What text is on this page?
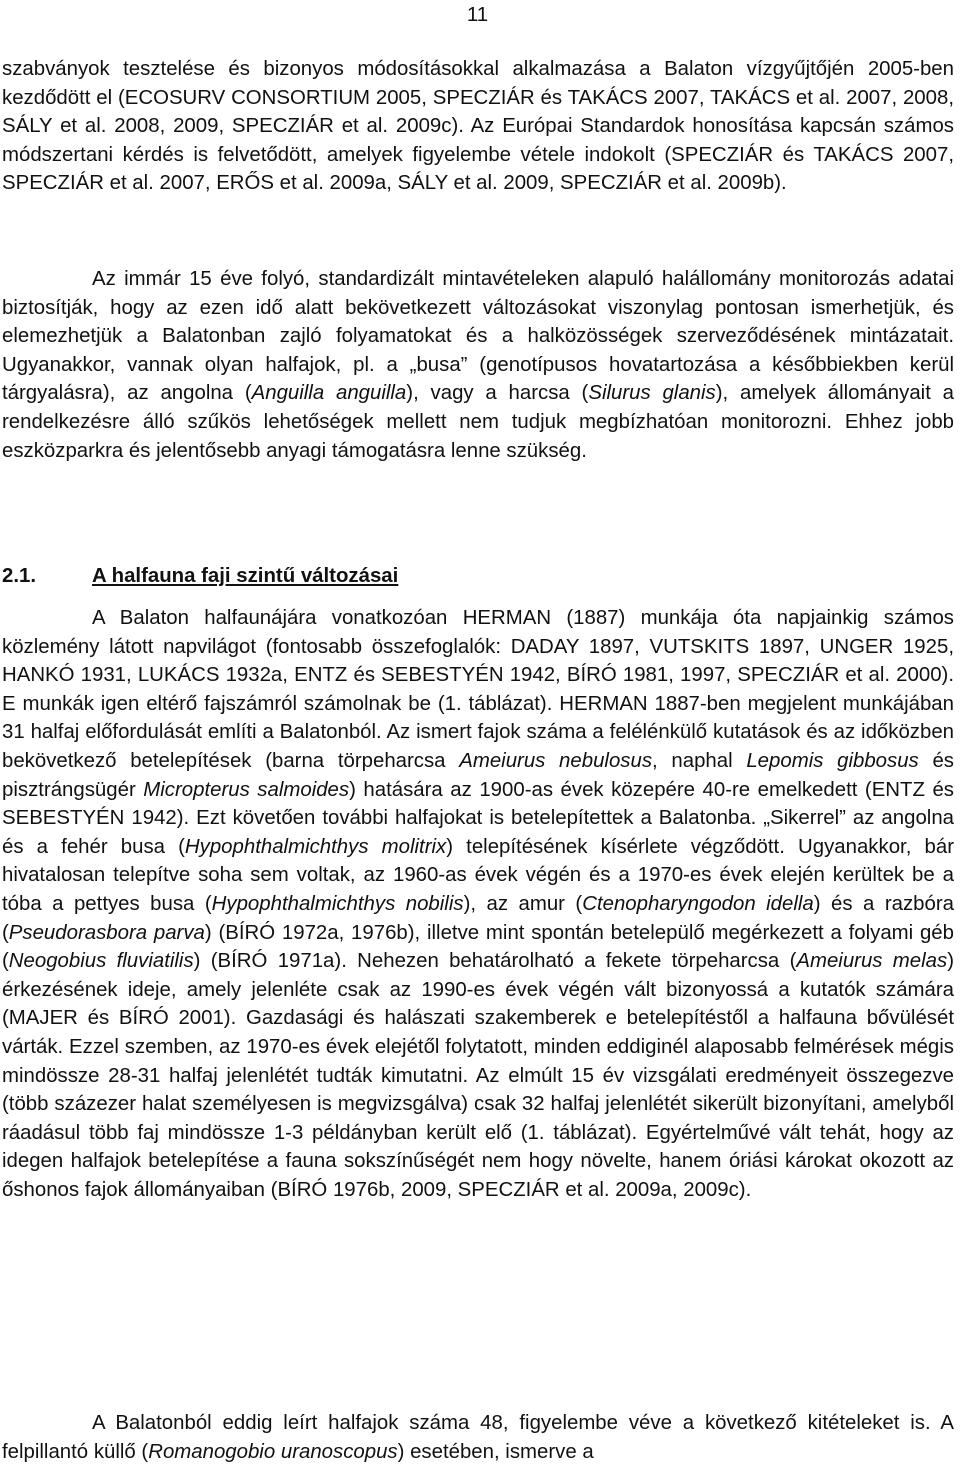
11

szabványok tesztelése és bizonyos módosításokkal alkalmazása a Balaton vízgyűjtőjén 2005-ben kezdődött el (ECOSURV CONSORTIUM 2005, SPECZIÁR és TAKÁCS 2007, TAKÁCS et al. 2007, 2008, SÁLY et al. 2008, 2009, SPECZIÁR et al. 2009c). Az Európai Standardok honosítása kapcsán számos módszertani kérdés is felvetődött, amelyek figyelembe vétele indokolt (SPECZIÁR és TAKÁCS 2007, SPECZIÁR et al. 2007, ERŐS et al. 2009a, SÁLY et al. 2009, SPECZIÁR et al. 2009b).

Az immár 15 éve folyó, standardizált mintavételeken alapuló halállomány monitorozás adatai biztosítják, hogy az ezen idő alatt bekövetkezett változásokat viszonylag pontosan ismerhetjük, és elemezhetjük a Balatonban zajló folyamatokat és a halközösségek szerveződésének mintázatait. Ugyanakkor, vannak olyan halfajok, pl. a „busa” (genotípusos hovatartozása a későbbiekben kerül tárgyalásra), az angolna (Anguilla anguilla), vagy a harcsa (Silurus glanis), amelyek állományait a rendelkezésre álló szűkös lehetőségek mellett nem tudjuk megbízhatóan monitorozni. Ehhez jobb eszközparkra és jelentősebb anyagi támogatásra lenne szükség.

2.1.	A halfauna faji szintű változásai

A Balaton halfaunájára vonatkozóan HERMAN (1887) munkája óta napjainkig számos közlemény látott napvilágot (fontosabb összefoglalók: DADAY 1897, VUTSKITS 1897, UNGER 1925, HANKÓ 1931, LUKÁCS 1932a, ENTZ és SEBESTYÉN 1942, BÍRÓ 1981, 1997, SPECZIÁR et al. 2000). E munkák igen eltérő fajszámról számolnak be (1. táblázat). HERMAN 1887-ben megjelent munkájában 31 halfaj előfordulását említi a Balatonból. Az ismert fajok száma a felélénkülő kutatások és az időközben bekövetkező betelepítések (barna törpeharcsa Ameiurus nebulosus, naphal Lepomis gibbosus és pisztrángsügér Micropterus salmoides) hatására az 1900-as évek közepére 40-re emelkedett (ENTZ és SEBESTYÉN 1942). Ezt követően további halfajokat is betelepítettek a Balatonba. „Sikerrel” az angolna és a fehér busa (Hypophthalmichthys molitrix) telepítésének kísérlete végződött. Ugyanakkor, bár hivatalosan telepítve soha sem voltak, az 1960-as évek végén és a 1970-es évek elején kerültek be a tóba a pettyes busa (Hypophthalmichthys nobilis), az amur (Ctenopharyngodon idella) és a razbóra (Pseudorasbora parva) (BÍRÓ 1972a, 1976b), illetve mint spontán betelepülő megérkezett a folyami géb (Neogobius fluviatilis) (BÍRÓ 1971a). Nehezen behatárolható a fekete törpeharcsa (Ameiurus melas) érkezésének ideje, amely jelenléte csak az 1990-es évek végén vált bizonyossá a kutatók számára (MAJER és BÍRÓ 2001). Gazdasági és halászati szakemberek e betelepítéstől a halfauna bővülését várták. Ezzel szemben, az 1970-es évek elejétől folytatott, minden eddiginél alaposabb felmérések mégis mindössze 28-31 halfaj jelenlétét tudták kimutatni. Az elmúlt 15 év vizsgálati eredményeit összegezve (több százezer halat személyesen is megvizsgálva) csak 32 halfaj jelenlétét sikerült bizonyítani, amelyből ráadásul több faj mindössze 1-3 példányban került elő (1. táblázat). Egyértelművé vált tehát, hogy az idegen halfajok betelepítése a fauna sokszínűségét nem hogy növelte, hanem óriási károkat okozott az őshonos fajok állományaiban (BÍRÓ 1976b, 2009, SPECZIÁR et al. 2009a, 2009c).

A Balatonból eddig leírt halfajok száma 48, figyelembe véve a következő kitételeket is. A felpillantó küllő (Romanogobio uranoscopus) esetében, ismerve a
